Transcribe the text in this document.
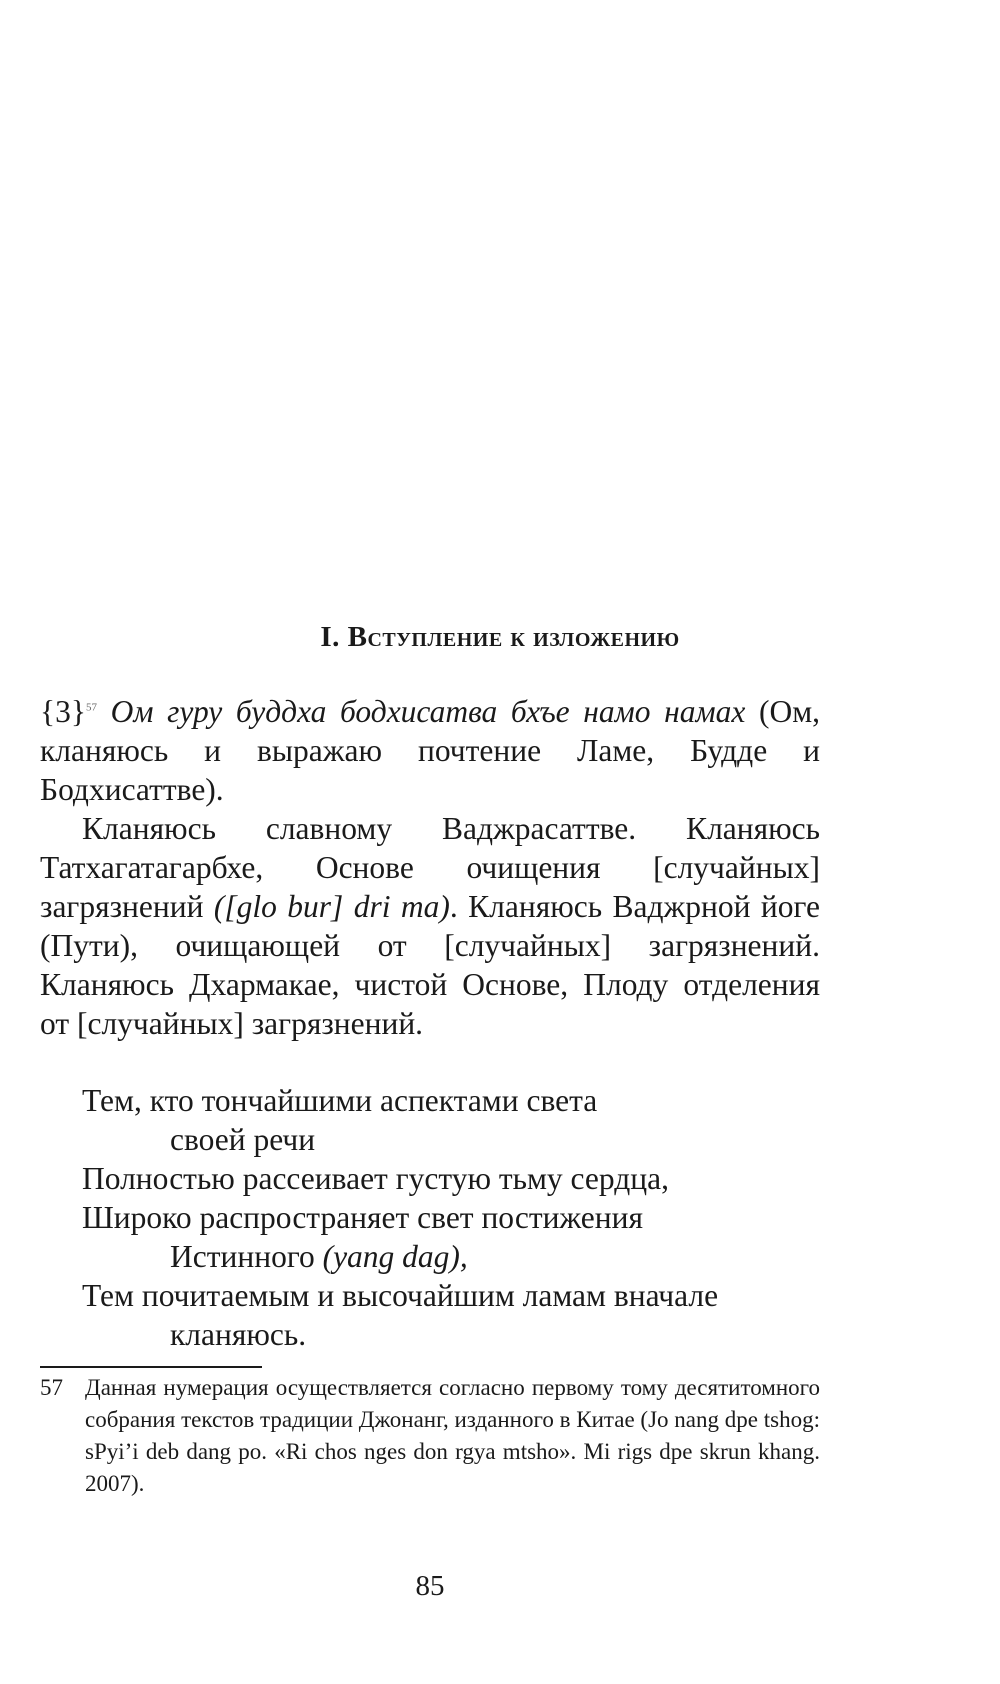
I. Вступление к изложению

$\{3\}^{57}$ Ом гуру буддха бодхисатва бхъе намо намах (Ом, кланяюсь и выражаю почтение Ламе, Будде и Бодхисаттве).

Кланяюсь славному Ваджрасаттве. Кланяюсь Татхагатагарбхе, Основе очищения [случайных] загрязнений ([glo bur] dri ma). Кланяюсь Ваджрной йоге (Пути), очищающей от [случайных] загрязнений. Кланяюсь Дхармакае, чистой Основе, Плоду отделения от [случайных] загрязнений.

Тем, кто тончайшими аспектами света
своей речи
Полностью рассеивает густую тьму сердца,
Широко распространяет свет постижения
Истинного (yang dag),
Тем почитаемым и высочайшим ламам вначале
кланяюсь.
57 Данная нумерация осуществляется согласно первому тому десятитомного собрания текстов традиции Джонанг, изданного в Китае (Jo nang dpe tshog: sPyi’i deb dang po. «Ri chos nges don rgya mtsho». Mi rigs dpe skrun khang. 2007).
85
